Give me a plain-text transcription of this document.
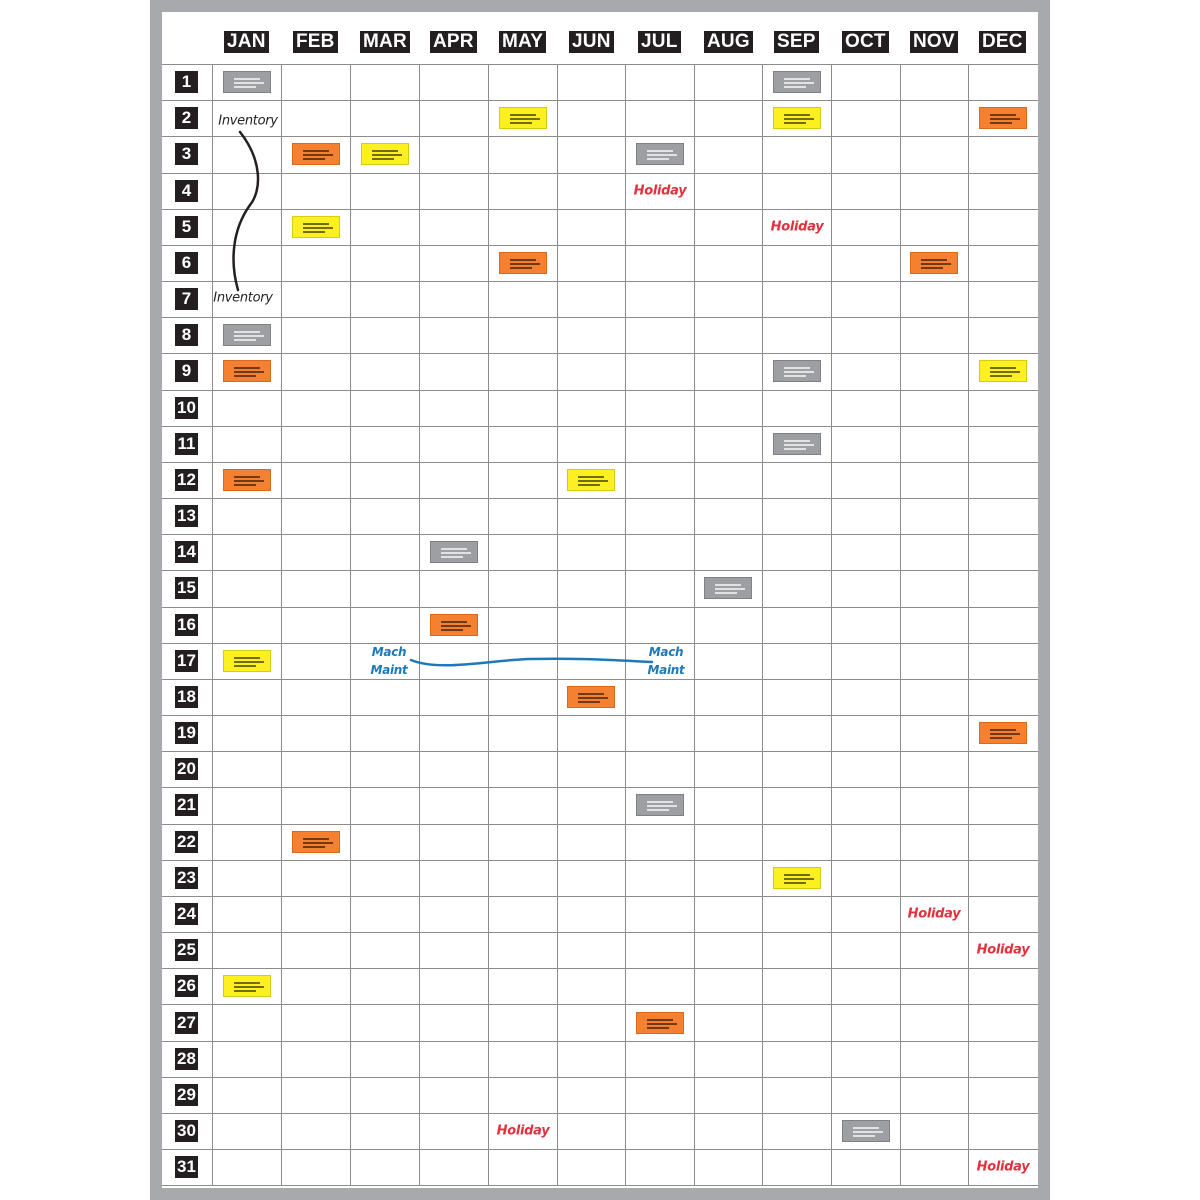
JAN FEB MAR APR MAY JUN JUL AUG SEP OCT NOV DEC
1
2
3
4
5
6
7
8
9
10
11
12
13
14
15
16
17
18
19
20
21
22
23
24
25
26
27
28
29
30
31
Inventory
Inventory
Holiday
Holiday
Holiday
Holiday
Holiday
Holiday
Mach
Maint
Mach
Maint
